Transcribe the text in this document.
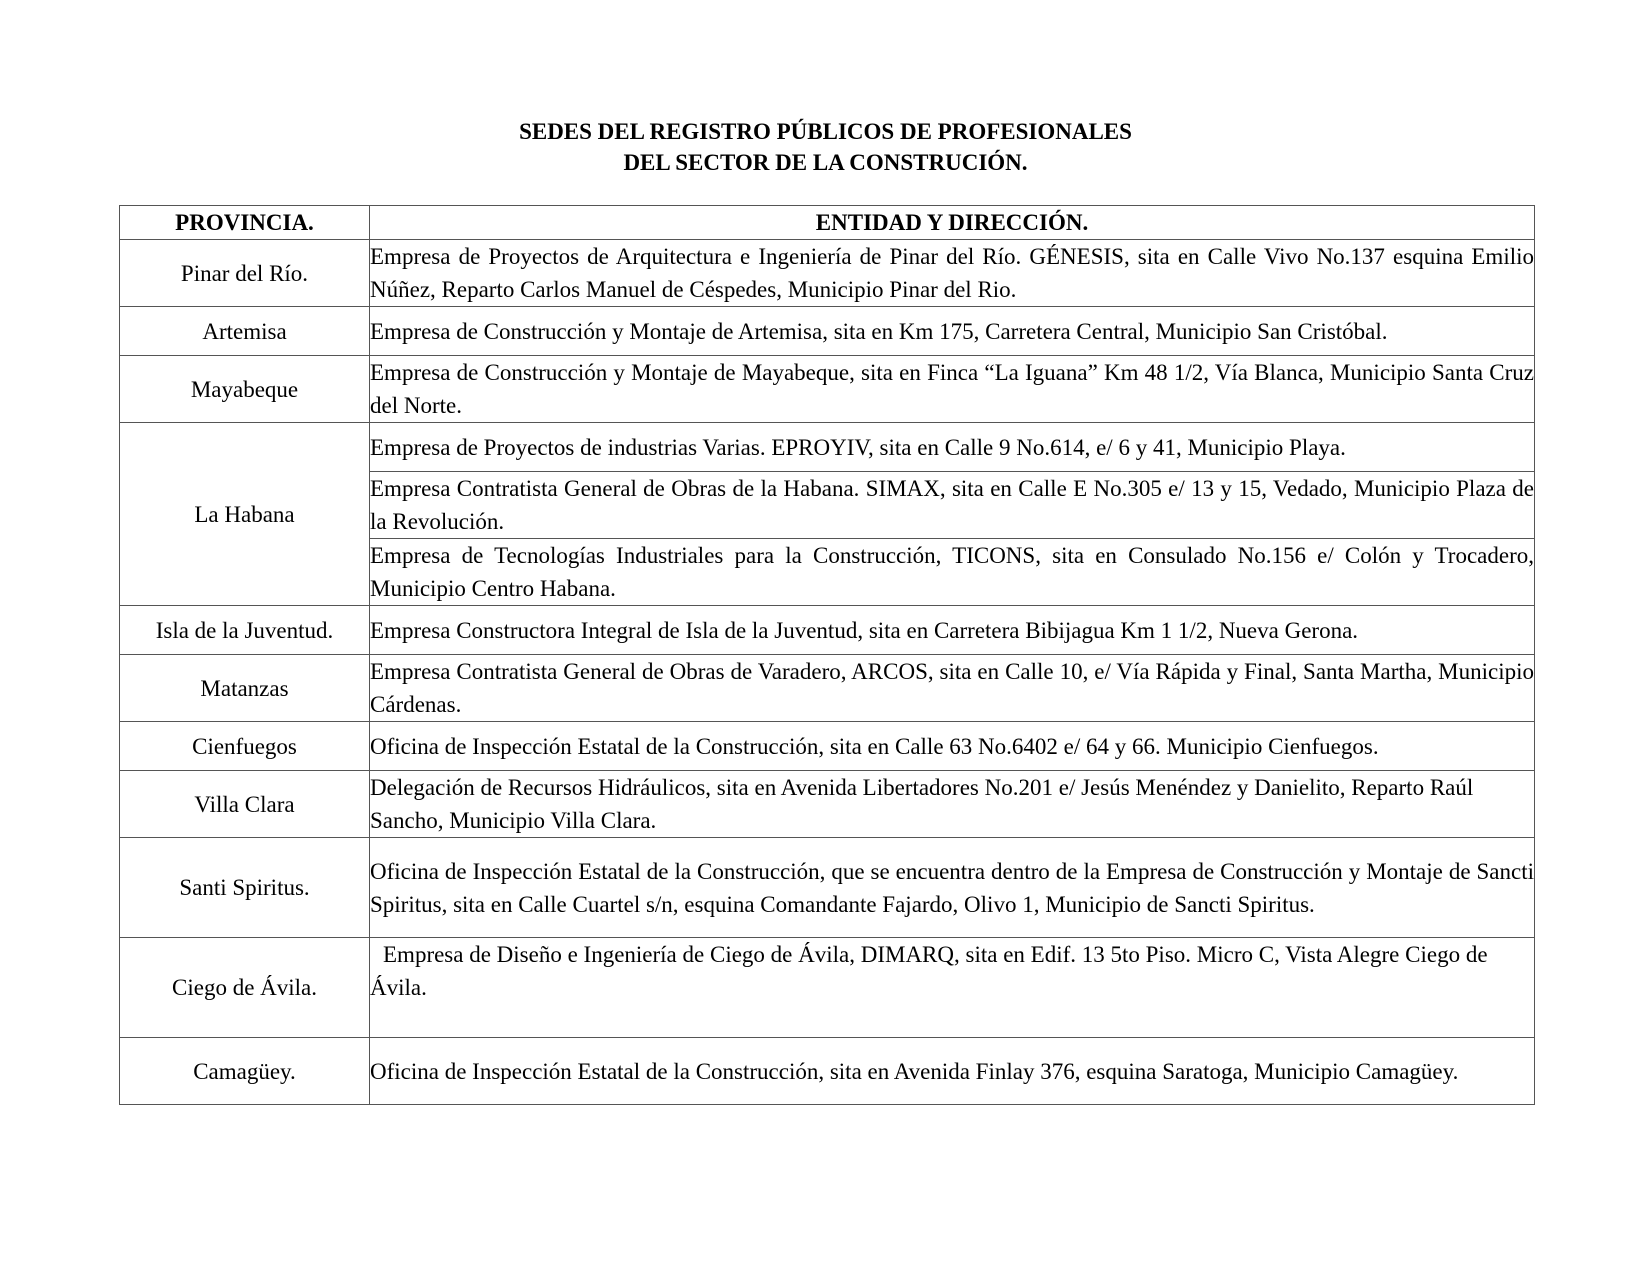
SEDES DEL REGISTRO PÚBLICOS DE PROFESIONALES
DEL SECTOR DE LA CONSTRUCIÓN.
PROVINCIA.	ENTIDAD Y DIRECCIÓN.
Pinar del Río.	Empresa de Proyectos de Arquitectura e Ingeniería de Pinar del Río. GÉNESIS, sita en Calle Vivo No.137 esquina Emilio Núñez, Reparto Carlos Manuel de Céspedes, Municipio Pinar del Rio.
Artemisa	Empresa de Construcción y Montaje de Artemisa, sita en Km 175, Carretera Central, Municipio San Cristóbal.
Mayabeque	Empresa de Construcción y Montaje de Mayabeque, sita en Finca “La Iguana” Km 48 1/2, Vía Blanca, Municipio Santa Cruz del Norte.
La Habana	Empresa de Proyectos de industrias Varias. EPROYIV, sita en Calle 9 No.614, e/ 6 y 41, Municipio Playa.
	Empresa Contratista General de Obras de la Habana. SIMAX, sita en Calle E No.305 e/ 13 y 15, Vedado, Municipio Plaza de la Revolución.
	Empresa de Tecnologías Industriales para la Construcción, TICONS, sita en Consulado No.156 e/ Colón y Trocadero, Municipio Centro Habana.
Isla de la Juventud.	Empresa Constructora Integral de Isla de la Juventud, sita en Carretera Bibijagua Km 1 1/2, Nueva Gerona.
Matanzas	Empresa Contratista General de Obras de Varadero, ARCOS, sita en Calle 10, e/ Vía Rápida y Final, Santa Martha, Municipio Cárdenas.
Cienfuegos	Oficina de Inspección Estatal de la Construcción, sita en Calle 63 No.6402 e/ 64 y 66. Municipio Cienfuegos.
Villa Clara	Delegación de Recursos Hidráulicos, sita en Avenida Libertadores No.201 e/ Jesús Menéndez y Danielito, Reparto Raúl Sancho, Municipio Villa Clara.
Santi Spiritus.	Oficina de Inspección Estatal de la Construcción, que se encuentra dentro de la Empresa de Construcción y Montaje de Sancti Spiritus, sita en Calle Cuartel s/n, esquina Comandante Fajardo, Olivo 1, Municipio de Sancti Spiritus.
Ciego de Ávila.	Empresa de Diseño e Ingeniería de Ciego de Ávila, DIMARQ, sita en Edif. 13 5to Piso. Micro C, Vista Alegre Ciego de Ávila.
Camagüey.	Oficina de Inspección Estatal de la Construcción, sita en Avenida Finlay 376, esquina Saratoga, Municipio Camagüey.
